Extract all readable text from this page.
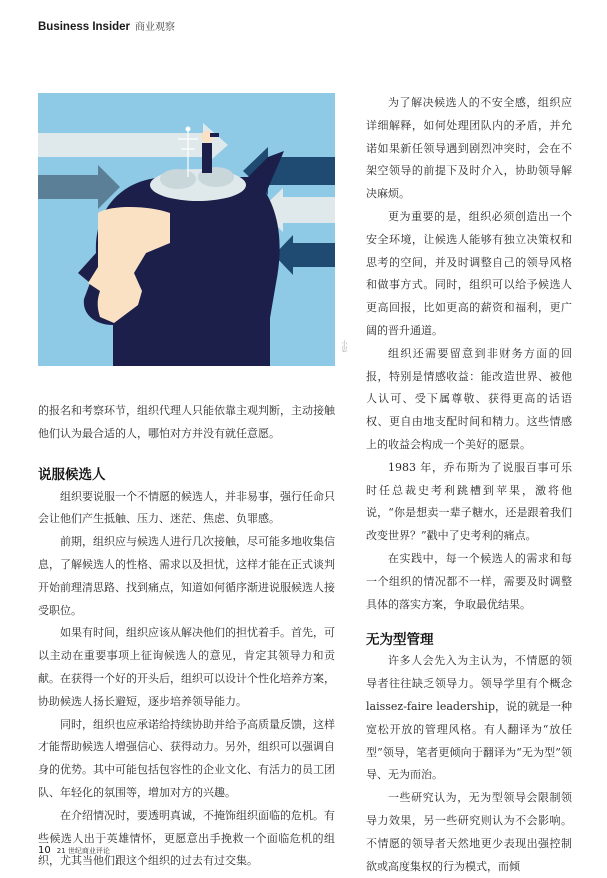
Business Insider 商业观察
小思

的报名和考察环节，组织代理人只能依靠主观判断，主动接触他们认为最合适的人，哪怕对方并没有就任意愿。

说服候选人

组织要说服一个不情愿的候选人，并非易事，强行任命只会让他们产生抵触、压力、迷茫、焦虑、负罪感。

前期，组织应与候选人进行几次接触，尽可能多地收集信息，了解候选人的性格、需求以及担忧，这样才能在正式谈判开始前理清思路、找到痛点，知道如何循序渐进说服候选人接受职位。

如果有时间，组织应该从解决他们的担忧着手。首先，可以主动在重要事项上征询候选人的意见，肯定其领导力和贡献。在获得一个好的开头后，组织可以设计个性化培养方案，协助候选人扬长避短，逐步培养领导能力。

同时，组织也应承诺给持续协助并给予高质量反馈，这样才能帮助候选人增强信心、获得动力。另外，组织可以强调自身的优势。其中可能包括包容性的企业文化、有活力的员工团队、年轻化的氛围等，增加对方的兴趣。

在介绍情况时，要透明真诚，不掩饰组织面临的危机。有些候选人出于英雄情怀，更愿意出手挽救一个面临危机的组织，尤其当他们跟这个组织的过去有过交集。

为了解决候选人的不安全感，组织应详细解释，如何处理团队内的矛盾，并允诺如果新任领导遇到剧烈冲突时，会在不架空领导的前提下及时介入，协助领导解决麻烦。

更为重要的是，组织必须创造出一个安全环境，让候选人能够有独立决策权和思考的空间，并及时调整自己的领导风格和做事方式。同时，组织可以给予候选人更高回报，比如更高的薪资和福利，更广阔的晋升通道。

组织还需要留意到非财务方面的回报，特别是情感收益：能改造世界、被他人认可、受下属尊敬、获得更高的话语权、更自由地支配时间和精力。这些情感上的收益会构成一个美好的愿景。

1983 年，乔布斯为了说服百事可乐时任总裁史考利跳槽到苹果，激将他说，“你是想卖一辈子糖水，还是跟着我们改变世界？”戳中了史考利的痛点。

在实践中，每一个候选人的需求和每一个组织的情况都不一样，需要及时调整具体的落实方案，争取最优结果。

无为型管理

许多人会先入为主认为，不情愿的领导者往往缺乏领导力。领导学里有个概念 laissez-faire leadership，说的就是一种宽松开放的管理风格。有人翻译为“放任型”领导，笔者更倾向于翻译为“无为型”领导、无为而治。

一些研究认为，无为型领导会限制领导力效果，另一些研究则认为不会影响。不情愿的领导者天然地更少表现出强控制欲或高度集权的行为模式，而倾

10 21 世纪商业评论
